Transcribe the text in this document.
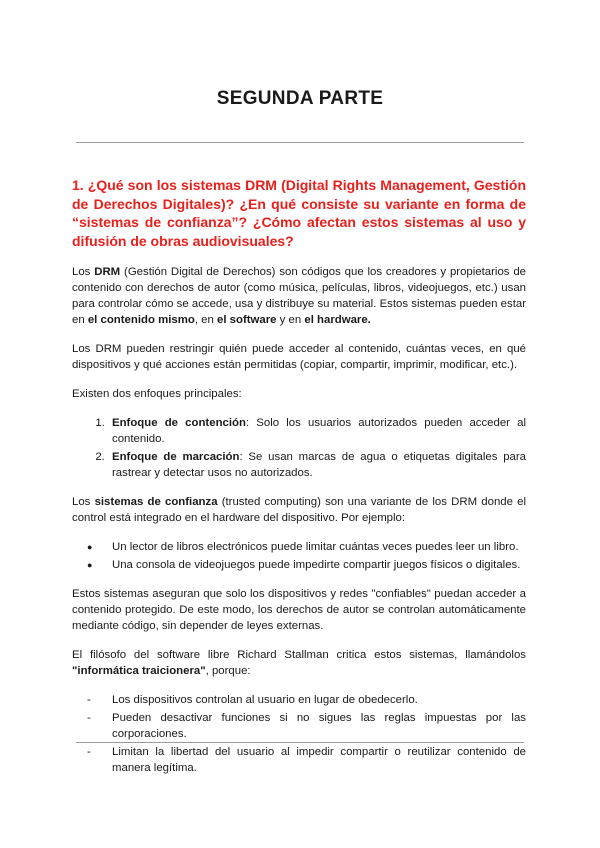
SEGUNDA PARTE
1. ¿Qué son los sistemas DRM (Digital Rights Management, Gestión de Derechos Digitales)? ¿En qué consiste su variante en forma de “sistemas de confianza”? ¿Cómo afectan estos sistemas al uso y difusión de obras audiovisuales?

Los DRM (Gestión Digital de Derechos) son códigos que los creadores y propietarios de contenido con derechos de autor (como música, películas, libros, videojuegos, etc.) usan para controlar cómo se accede, usa y distribuye su material. Estos sistemas pueden estar en el contenido mismo, en el software y en el hardware.

Los DRM pueden restringir quién puede acceder al contenido, cuántas veces, en qué dispositivos y qué acciones están permitidas (copiar, compartir, imprimir, modificar, etc.).

Existen dos enfoques principales:

1. Enfoque de contención: Solo los usuarios autorizados pueden acceder al contenido.
2. Enfoque de marcación: Se usan marcas de agua o etiquetas digitales para rastrear y detectar usos no autorizados.

Los sistemas de confianza (trusted computing) son una variante de los DRM donde el control está integrado en el hardware del dispositivo. Por ejemplo:

● Un lector de libros electrónicos puede limitar cuántas veces puedes leer un libro.
● Una consola de videojuegos puede impedirte compartir juegos físicos o digitales.

Estos sistemas aseguran que solo los dispositivos y redes "confiables" puedan acceder a contenido protegido. De este modo, los derechos de autor se controlan automáticamente mediante código, sin depender de leyes externas.

El filósofo del software libre Richard Stallman critica estos sistemas, llamándolos "informática traicionera", porque:

- Los dispositivos controlan al usuario en lugar de obedecerlo.
- Pueden desactivar funciones si no sigues las reglas impuestas por las corporaciones.
- Limitan la libertad del usuario al impedir compartir o reutilizar contenido de manera legítima.
